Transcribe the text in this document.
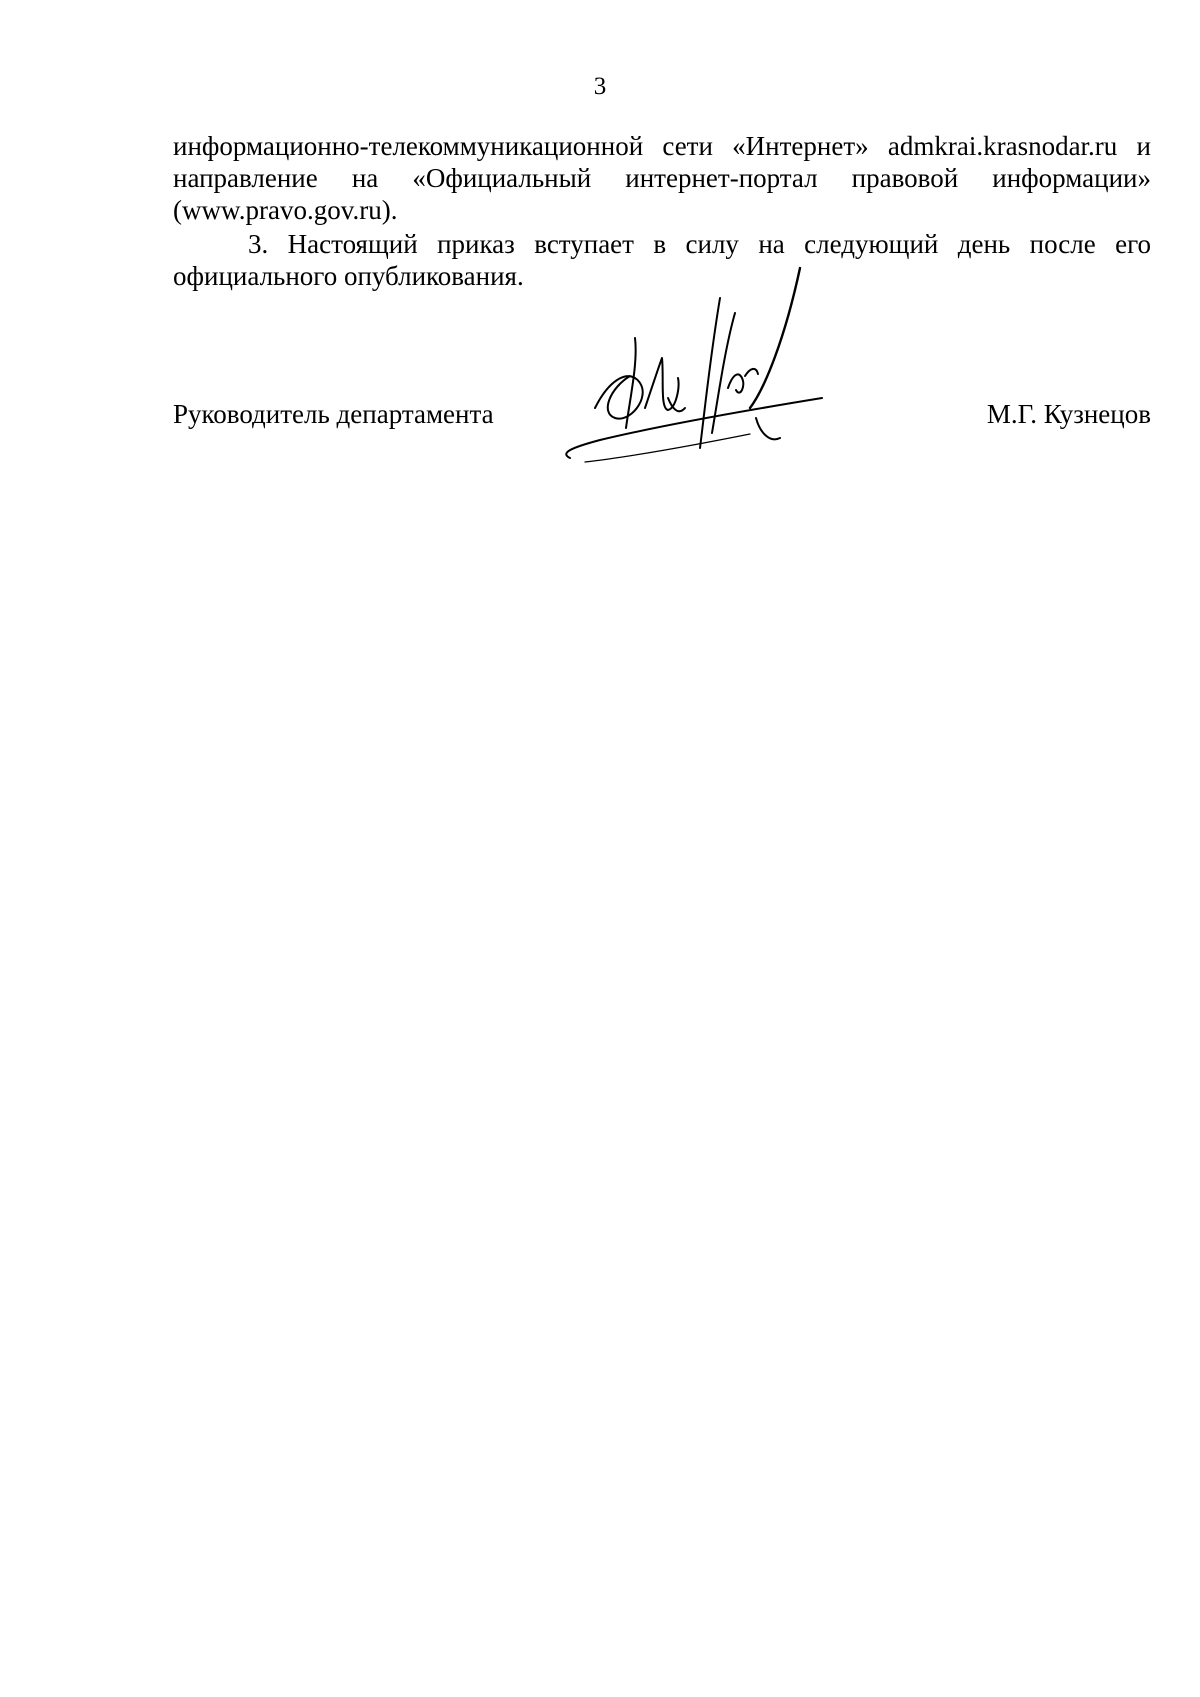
3
информационно-телекоммуникационной сети «Интернет» admkrai.krasnodar.ru и
направление на «Официальный интернет-портал правовой информации»
(www.pravo.gov.ru).
3. Настоящий приказ вступает в силу на следующий день после его
официального опубликования.
Руководитель департамента	М.Г. Кузнецов
